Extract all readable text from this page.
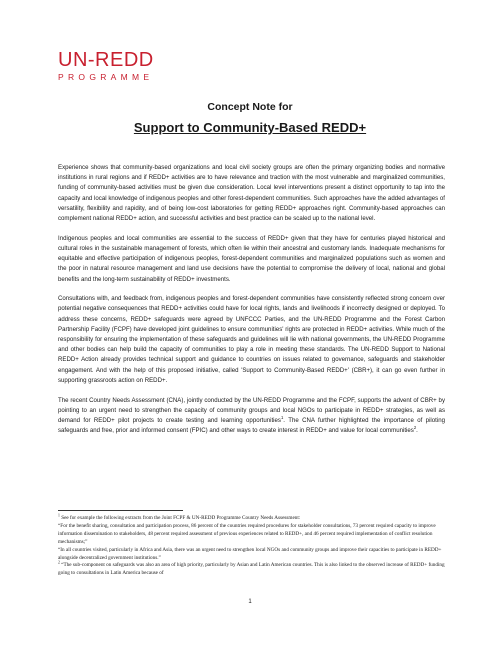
UN-REDD
PROGRAMME
Concept Note for
Support to Community-Based REDD+

Experience shows that community-based organizations and local civil society groups are often the primary organizing bodies and normative institutions in rural regions and if REDD+ activities are to have relevance and traction with the most vulnerable and marginalized communities, funding of community-based activities must be given due consideration. Local level interventions present a distinct opportunity to tap into the capacity and local knowledge of indigenous peoples and other forest-dependent communities. Such approaches have the added advantages of versatility, flexibility and rapidity, and of being low-cost laboratories for getting REDD+ approaches right. Community-based approaches can complement national REDD+ action, and successful activities and best practice can be scaled up to the national level.

Indigenous peoples and local communities are essential to the success of REDD+ given that they have for centuries played historical and cultural roles in the sustainable management of forests, which often lie within their ancestral and customary lands. Inadequate mechanisms for equitable and effective participation of indigenous peoples, forest-dependent communities and marginalized populations such as women and the poor in natural resource management and land use decisions have the potential to compromise the delivery of local, national and global benefits and the long-term sustainability of REDD+ investments.

Consultations with, and feedback from, indigenous peoples and forest-dependent communities have consistently reflected strong concern over potential negative consequences that REDD+ activities could have for local rights, lands and livelihoods if incorrectly designed or deployed. To address these concerns, REDD+ safeguards were agreed by UNFCCC Parties, and the UN-REDD Programme and the Forest Carbon Partnership Facility (FCPF) have developed joint guidelines to ensure communities' rights are protected in REDD+ activities. While much of the responsibility for ensuring the implementation of these safeguards and guidelines will lie with national governments, the UN-REDD Programme and other bodies can help build the capacity of communities to play a role in meeting these standards. The UN-REDD Support to National REDD+ Action already provides technical support and guidance to countries on issues related to governance, safeguards and stakeholder engagement. And with the help of this proposed initiative, called 'Support to Community-Based REDD+' (CBR+), it can go even further in supporting grassroots action on REDD+.

The recent Country Needs Assessment (CNA), jointly conducted by the UN-REDD Programme and the FCPF, supports the advent of CBR+ by pointing to an urgent need to strengthen the capacity of community groups and local NGOs to participate in REDD+ strategies, as well as demand for REDD+ pilot projects to create testing and learning opportunities$^1$. The CNA further highlighted the importance of piloting safeguards and free, prior and informed consent (FPIC) and other ways to create interest in REDD+ and value for local communities$^2$.

$^1$ See for example the following extracts from the Joint FCPF & UN-REDD Programme Country Needs Assessment:

“For the benefit sharing, consultation and participation process, 86 percent of the countries required procedures for stakeholder consultations, 73 percent required capacity to improve information dissemination to stakeholders, 48 percent required assessment of previous experiences related to REDD+, and 46 percent required implementation of conflict resolution mechanisms;”

“In all countries visited, particularly in Africa and Asia, there was an urgent need to strengthen local NGOs and community groups and improve their capacities to participate in REDD+ alongside decentralized government institutions.”

$^2$ “The sub-component on safeguards was also an area of high priority, particularly by Asian and Latin American countries. This is also linked to the observed increase of REDD+ funding going to consultations in Latin America because of

1
